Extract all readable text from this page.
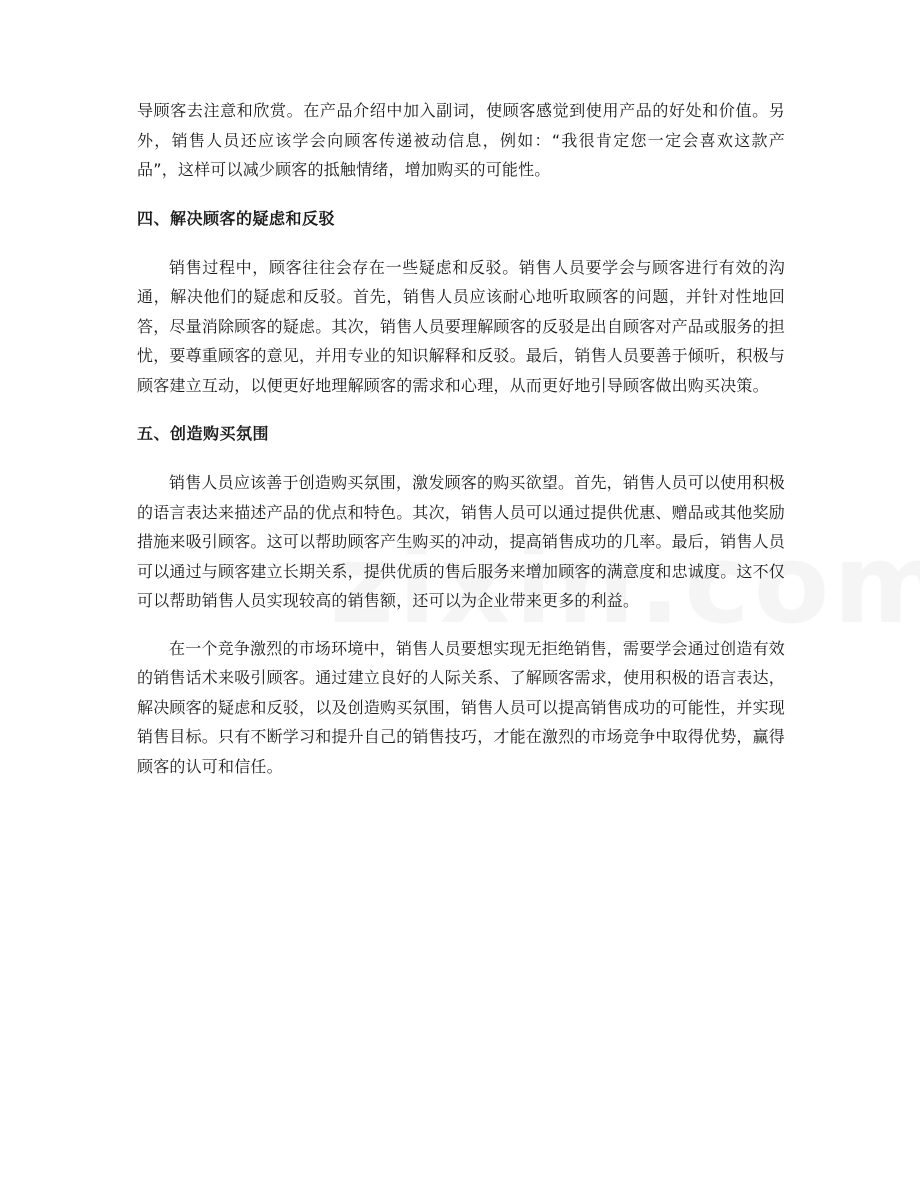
导顾客去注意和欣赏。在产品介绍中加入副词，使顾客感觉到使用产品的好处和价值。另外，销售人员还应该学会向顾客传递被动信息，例如：“我很肯定您一定会喜欢这款产品”，这样可以减少顾客的抵触情绪，增加购买的可能性。

四、解决顾客的疑虑和反驳

销售过程中，顾客往往会存在一些疑虑和反驳。销售人员要学会与顾客进行有效的沟通，解决他们的疑虑和反驳。首先，销售人员应该耐心地听取顾客的问题，并针对性地回答，尽量消除顾客的疑虑。其次，销售人员要理解顾客的反驳是出自顾客对产品或服务的担忧，要尊重顾客的意见，并用专业的知识解释和反驳。最后，销售人员要善于倾听，积极与顾客建立互动，以便更好地理解顾客的需求和心理，从而更好地引导顾客做出购买决策。

五、创造购买氛围

销售人员应该善于创造购买氛围，激发顾客的购买欲望。首先，销售人员可以使用积极的语言表达来描述产品的优点和特色。其次，销售人员可以通过提供优惠、赠品或其他奖励措施来吸引顾客。这可以帮助顾客产生购买的冲动，提高销售成功的几率。最后，销售人员可以通过与顾客建立长期关系，提供优质的售后服务来增加顾客的满意度和忠诚度。这不仅可以帮助销售人员实现较高的销售额，还可以为企业带来更多的利益。

在一个竞争激烈的市场环境中，销售人员要想实现无拒绝销售，需要学会通过创造有效的销售话术来吸引顾客。通过建立良好的人际关系、了解顾客需求，使用积极的语言表达，解决顾客的疑虑和反驳，以及创造购买氛围，销售人员可以提高销售成功的可能性，并实现销售目标。只有不断学习和提升自己的销售技巧，才能在激烈的市场竞争中取得优势，赢得顾客的认可和信任。
